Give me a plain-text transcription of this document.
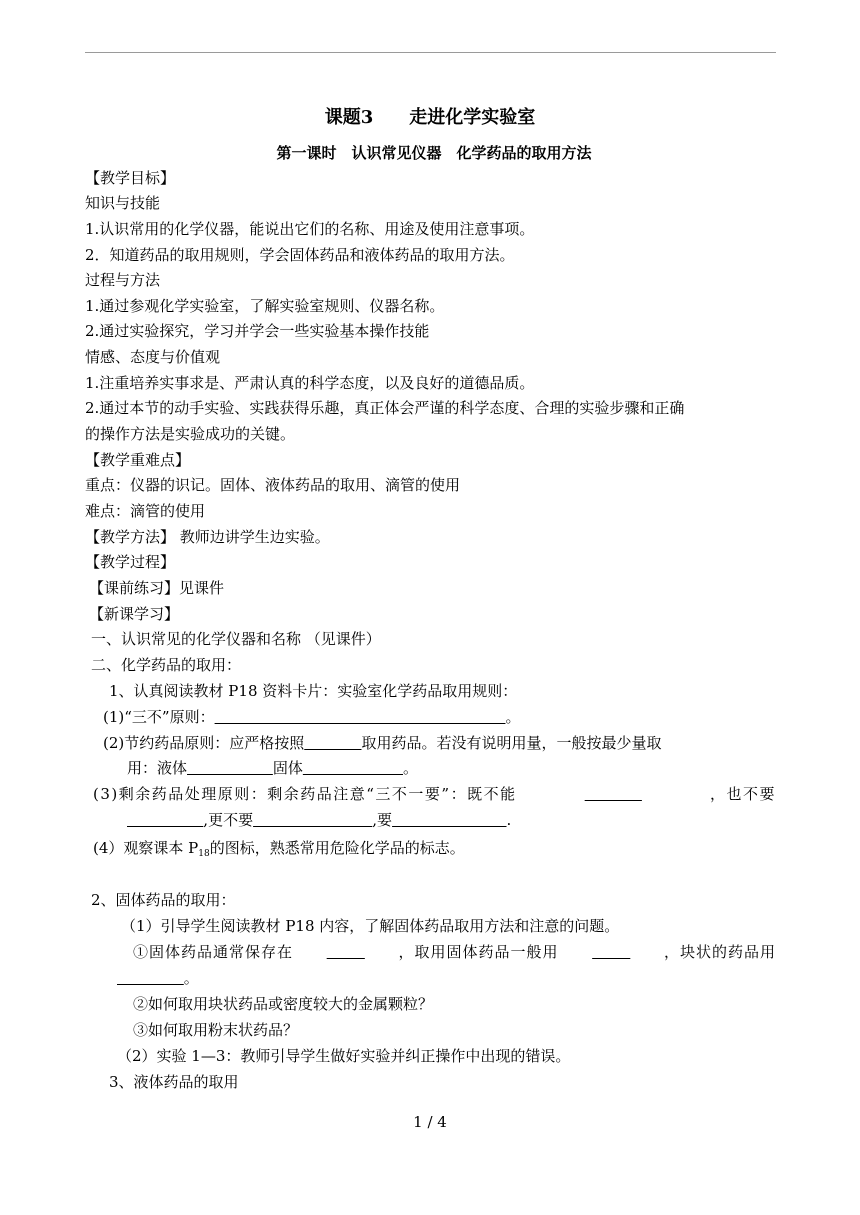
课题3　　走进化学实验室
第一课时　认识常见仪器　化学药品的取用方法
【教学目标】
知识与技能
1.认识常用的化学仪器，能说出它们的名称、用途及使用注意事项。
2．知道药品的取用规则，学会固体药品和液体药品的取用方法。
过程与方法
1.通过参观化学实验室，了解实验室规则、仪器名称。
2.通过实验探究，学习并学会一些实验基本操作技能
情感、态度与价值观
1.注重培养实事求是、严肃认真的科学态度，以及良好的道德品质。
2.通过本节的动手实验、实践获得乐趣，真正体会严谨的科学态度、合理的实验步骤和正确
的操作方法是实验成功的关键。
【教学重难点】
重点：仪器的识记。固体、液体药品的取用、滴管的使用
难点：滴管的使用
【教学方法】 教师边讲学生边实验。
【教学过程】
【课前练习】见课件
【新课学习】
一、认识常见的化学仪器和名称 （见课件）
二、化学药品的取用：
1、认真阅读教材 P18 资料卡片：实验室化学药品取用规则：
(1)“三不”原则：	。
(2)节约药品原则：应严格按照	取用药品。若没有说明用量，一般按最少量取
用：液体	固体	。
(3)剩余药品处理原则：剩余药品注意“三不一要”：既不能
	，也不要
,更不要	,要	.
(4）观察课本 $P_{18}$的图标，熟悉常用危险化学品的标志。
2、固体药品的取用：
（1）引导学生阅读教材 P18 内容，了解固体药品取用方法和注意的问题。
①固体药品通常保存在
	，取用固体药品一般用
	，块状的药品用
。
②如何取用块状药品或密度较大的金属颗粒？
③如何取用粉末状药品？
（2）实验 1—3：教师引导学生做好实验并纠正操作中出现的错误。
3、液体药品的取用
1 / 4
